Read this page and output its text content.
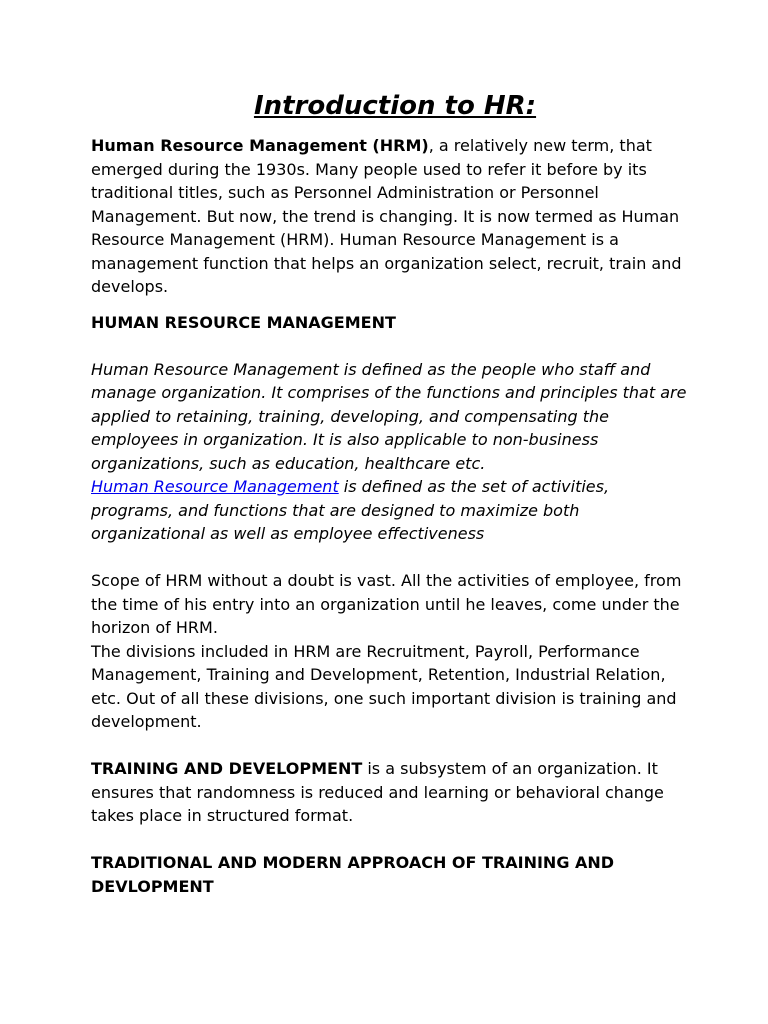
Introduction to HR:

Human Resource Management (HRM), a relatively new term, that emerged during the 1930s. Many people used to refer it before by its traditional titles, such as Personnel Administration or Personnel Management. But now, the trend is changing. It is now termed as Human Resource Management (HRM). Human Resource Management is a management function that helps an organization select, recruit, train and develops.

HUMAN RESOURCE MANAGEMENT

Human Resource Management is defined as the people who staff and manage organization. It comprises of the functions and principles that are applied to retaining, training, developing, and compensating the employees in organization. It is also applicable to non-business organizations, such as education, healthcare etc.
Human Resource Management is defined as the set of activities, programs, and functions that are designed to maximize both organizational as well as employee effectiveness

Scope of HRM without a doubt is vast. All the activities of employee, from the time of his entry into an organization until he leaves, come under the horizon of HRM.

The divisions included in HRM are Recruitment, Payroll, Performance Management, Training and Development, Retention, Industrial Relation, etc. Out of all these divisions, one such important division is training and development.

TRAINING AND DEVELOPMENT is a subsystem of an organization. It ensures that randomness is reduced and learning or behavioral change takes place in structured format.

TRADITIONAL AND MODERN APPROACH OF TRAINING AND DEVLOPMENT
